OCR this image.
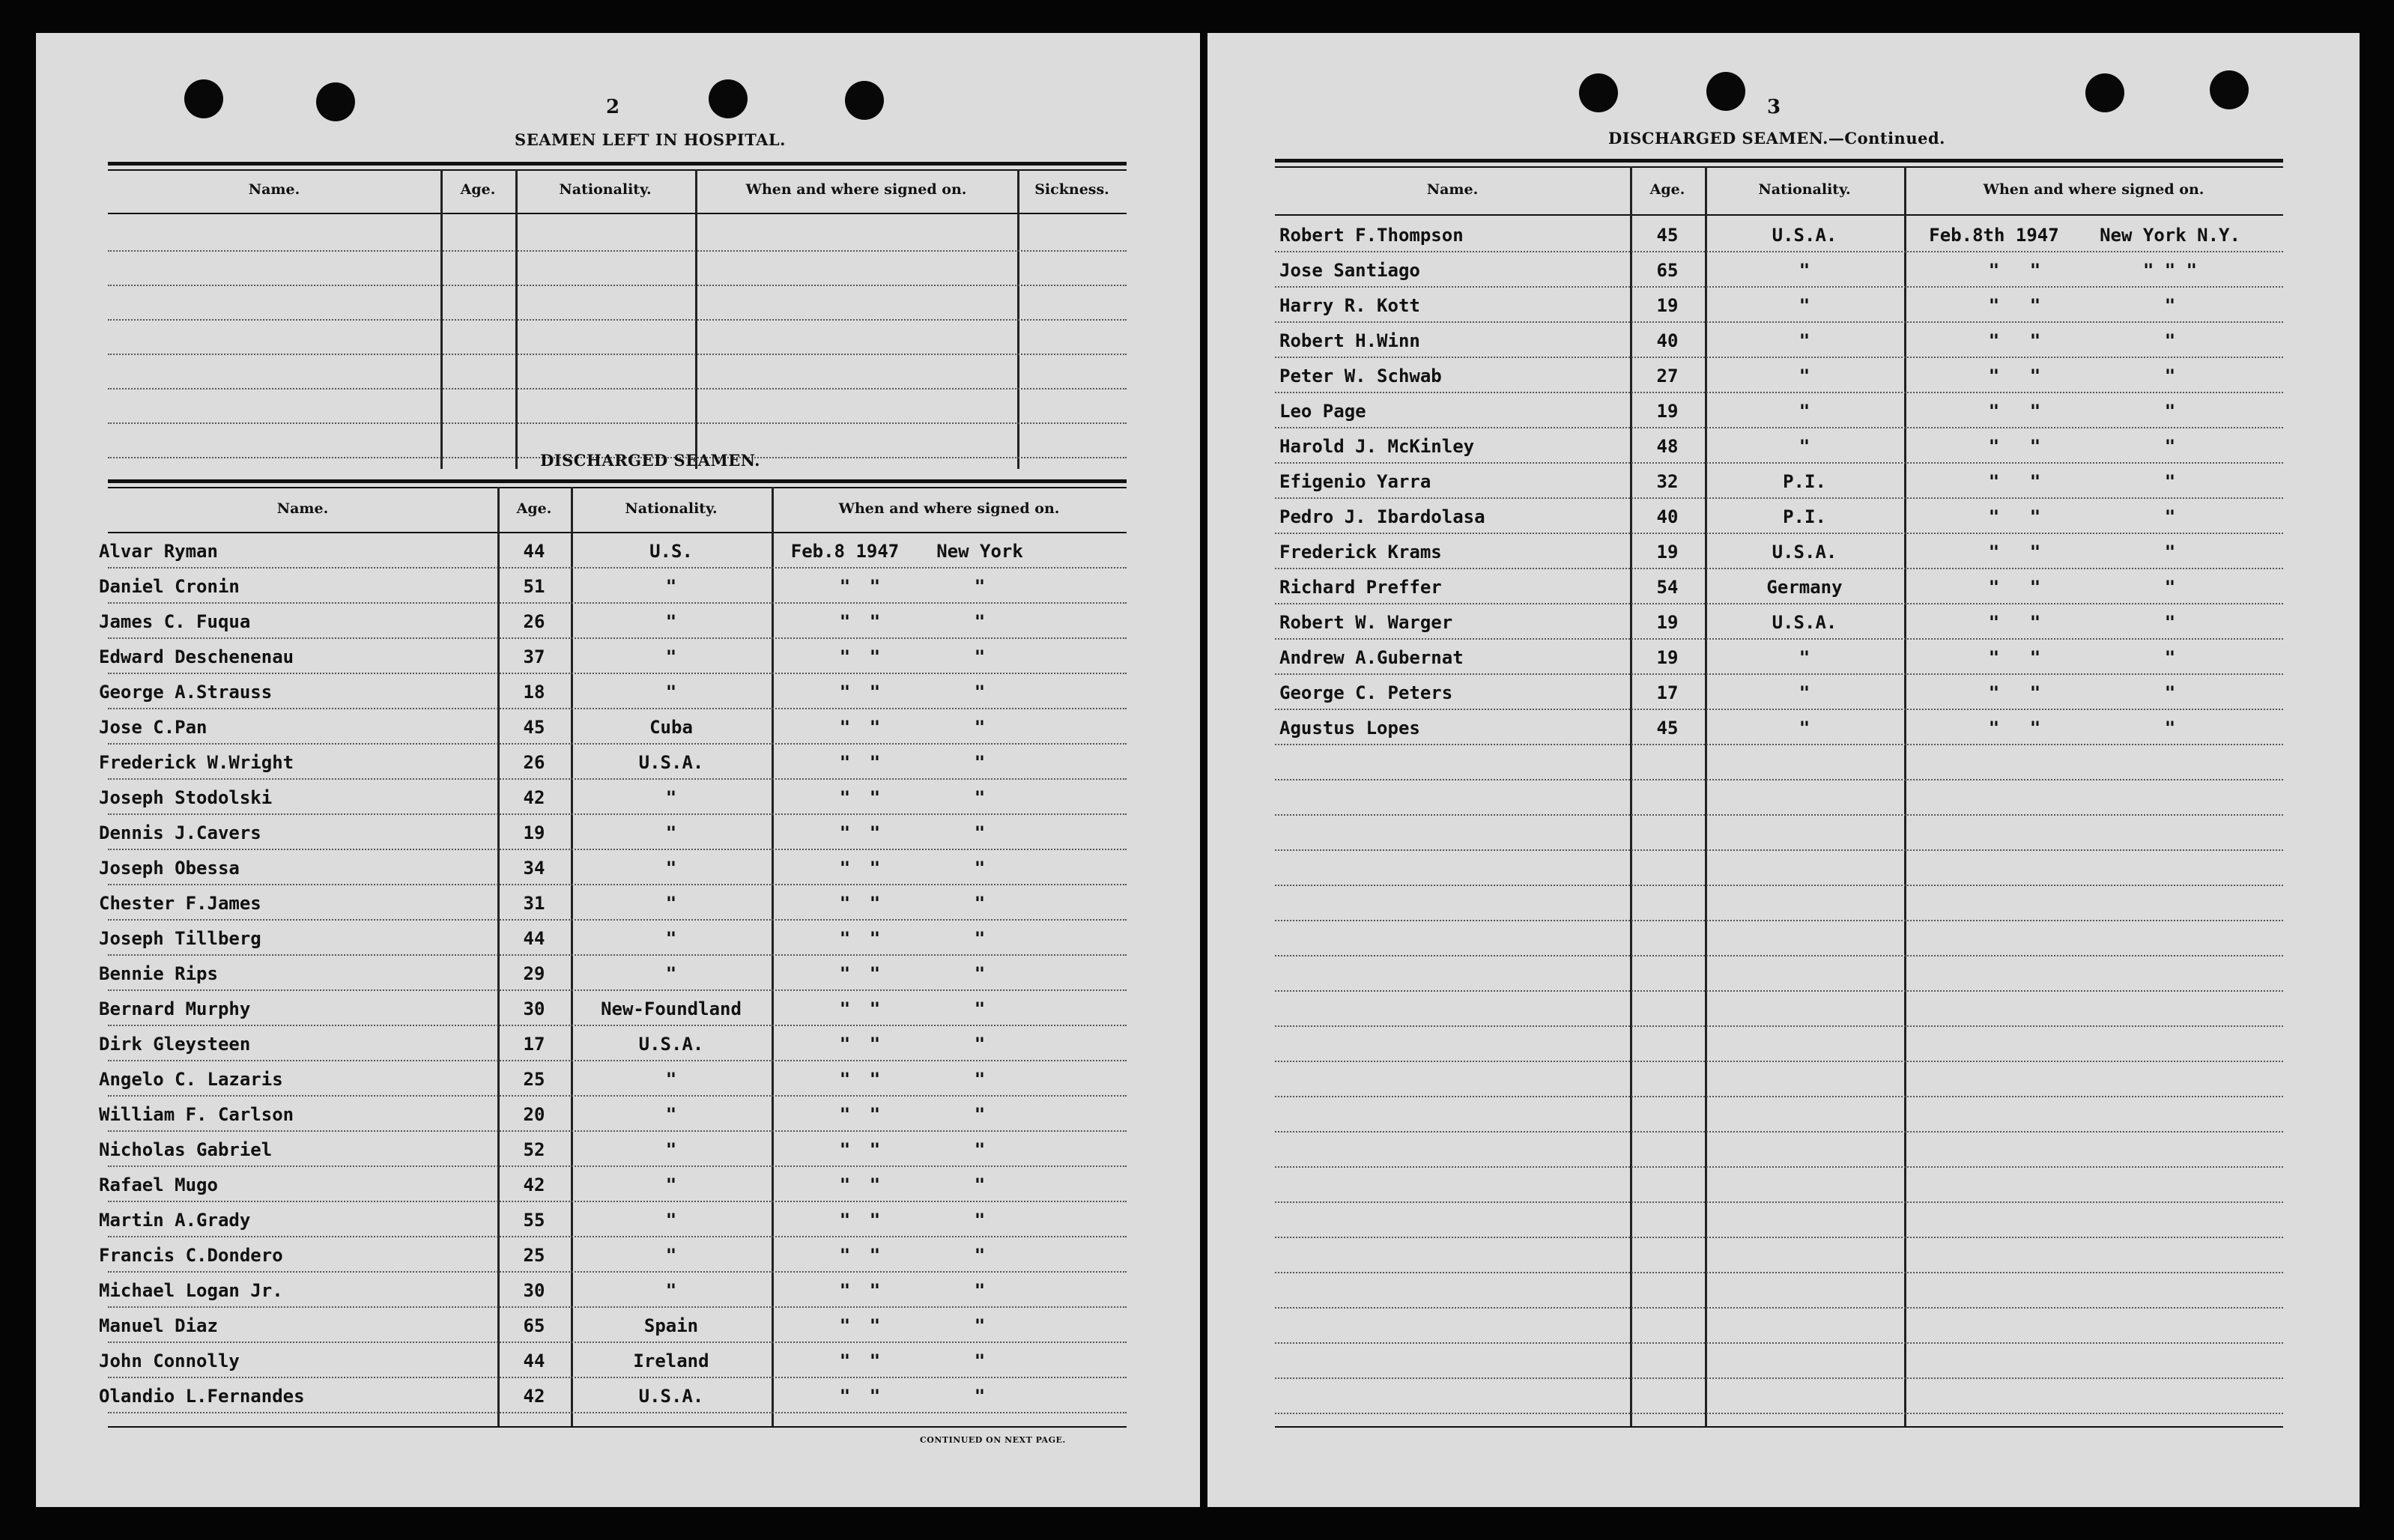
2
SEAMEN LEFT IN HOSPITAL.
Name.	Age.	Nationality.	When and where signed on.	Sickness.
DISCHARGED SEAMEN.
Name.	Age.	Nationality.	When and where signed on.
Alvar Ryman	44	U.S.	Feb.8 1947	New York
Daniel Cronin	51	"	"	"	"
James C. Fuqua	26	"	"	"	"
Edward Deschenenau	37	"	"	"	"
George A.Strauss	18	"	"	"	"
Jose C.Pan	45	Cuba	"	"	"
Frederick W.Wright	26	U.S.A.	"	"	"
Joseph Stodolski	42	"	"	"	"
Dennis J.Cavers	19	"	"	"	"
Joseph Obessa	34	"	"	"	"
Chester F.James	31	"	"	"	"
Joseph Tillberg	44	"	"	"	"
Bennie Rips	29	"	"	"	"
Bernard Murphy	30	New-Foundland	"	"	"
Dirk Gleysteen	17	U.S.A.	"	"	"
Angelo C. Lazaris	25	"	"	"	"
William F. Carlson	20	"	"	"	"
Nicholas Gabriel	52	"	"	"	"
Rafael Mugo	42	"	"	"	"
Martin A.Grady	55	"	"	"	"
Francis C.Dondero	25	"	"	"	"
Michael Logan Jr.	30	"	"	"	"
Manuel Diaz	65	Spain	"	"	"
John Connolly	44	Ireland	"	"	"
Olandio L.Fernandes	42	U.S.A.	"	"	"
CONTINUED ON NEXT PAGE.
3
DISCHARGED SEAMEN.—Continued.
Name.	Age.	Nationality.	When and where signed on.
Robert F.Thompson	45	U.S.A.	Feb.8th 1947	New York N.Y.
Jose Santiago	65	"	"	"	" " "
Harry R. Kott	19	"	"	"	"
Robert H.Winn	40	"	"	"	"
Peter W. Schwab	27	"	"	"	"
Leo Page	19	"	"	"	"
Harold J. McKinley	48	"	"	"	"
Efigenio Yarra	32	P.I.	"	"	"
Pedro J. Ibardolasa	40	P.I.	"	"	"
Frederick Krams	19	U.S.A.	"	"	"
Richard Preffer	54	Germany	"	"	"
Robert W. Warger	19	U.S.A.	"	"	"
Andrew A.Gubernat	19	"	"	"	"
George C. Peters	17	"	"	"	"
Agustus Lopes	45	"	"	"	"
